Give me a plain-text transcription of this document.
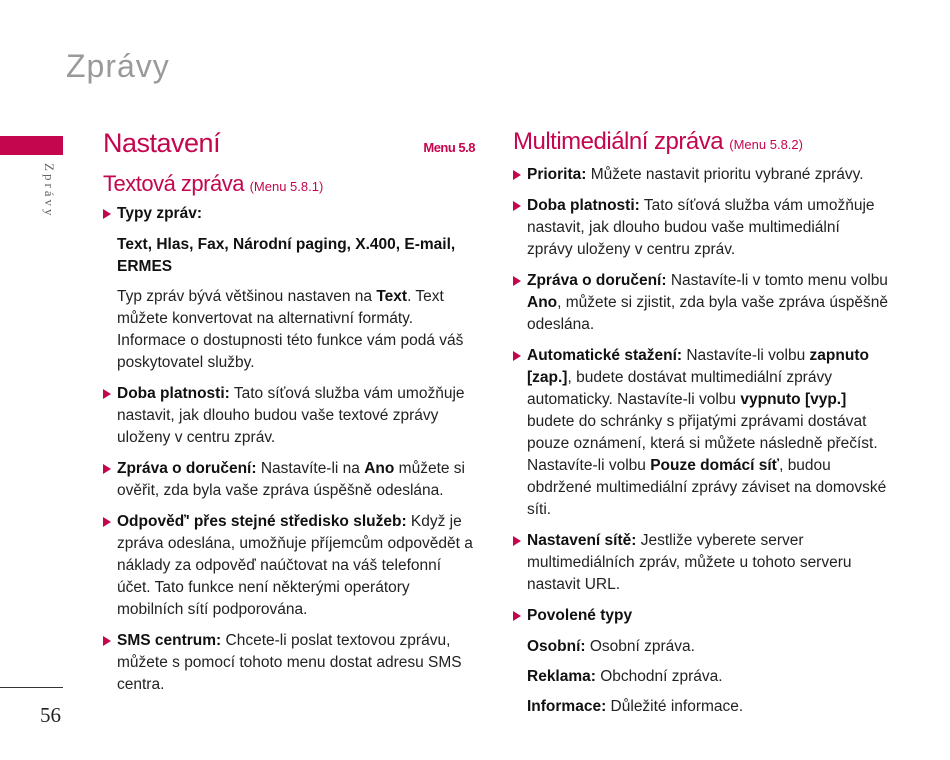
Zprávy
Zprávy
56
Nastavení	Menu 5.8
Textová zpráva (Menu 5.8.1)
Typy zpráv:
Text, Hlas, Fax, Národní paging, X.400, E-mail, ERMES
Typ zpráv bývá většinou nastaven na Text. Text můžete konvertovat na alternativní formáty. Informace o dostupnosti této funkce vám podá váš poskytovatel služby.
Doba platnosti: Tato síťová služba vám umožňuje nastavit, jak dlouho budou vaše textové zprávy uloženy v centru zpráv.
Zpráva o doručení: Nastavíte-li na Ano můžete si ověřit, zda byla vaše zpráva úspěšně odeslána.
Odpověď' přes stejné středisko služeb: Když je zpráva odeslána, umožňuje příjemcům odpovědět a náklady za odpověď naúčtovat na váš telefonní účet. Tato funkce není některými operátory mobilních sítí podporována.
SMS centrum: Chcete-li poslat textovou zprávu, můžete s pomocí tohoto menu dostat adresu SMS centra.
Multimediální zpráva (Menu 5.8.2)
Priorita: Můžete nastavit prioritu vybrané zprávy.
Doba platnosti: Tato síťová služba vám umožňuje nastavit, jak dlouho budou vaše multimediální zprávy uloženy v centru zpráv.
Zpráva o doručení: Nastavíte-li v tomto menu volbu Ano, můžete si zjistit, zda byla vaše zpráva úspěšně odeslána.
Automatické stažení: Nastavíte-li volbu zapnuto [zap.], budete dostávat multimediální zprávy automaticky. Nastavíte-li volbu vypnuto [vyp.] budete do schránky s přijatými zprávami dostávat pouze oznámení, která si můžete následně přečíst. Nastavíte-li volbu Pouze domácí síť, budou obdržené multimediální zprávy záviset na domovské síti.
Nastavení sítě: Jestliže vyberete server multimediálních zpráv, můžete u tohoto serveru nastavit URL.
Povolené typy
Osobní: Osobní zpráva.
Reklama: Obchodní zpráva.
Informace: Důležité informace.
